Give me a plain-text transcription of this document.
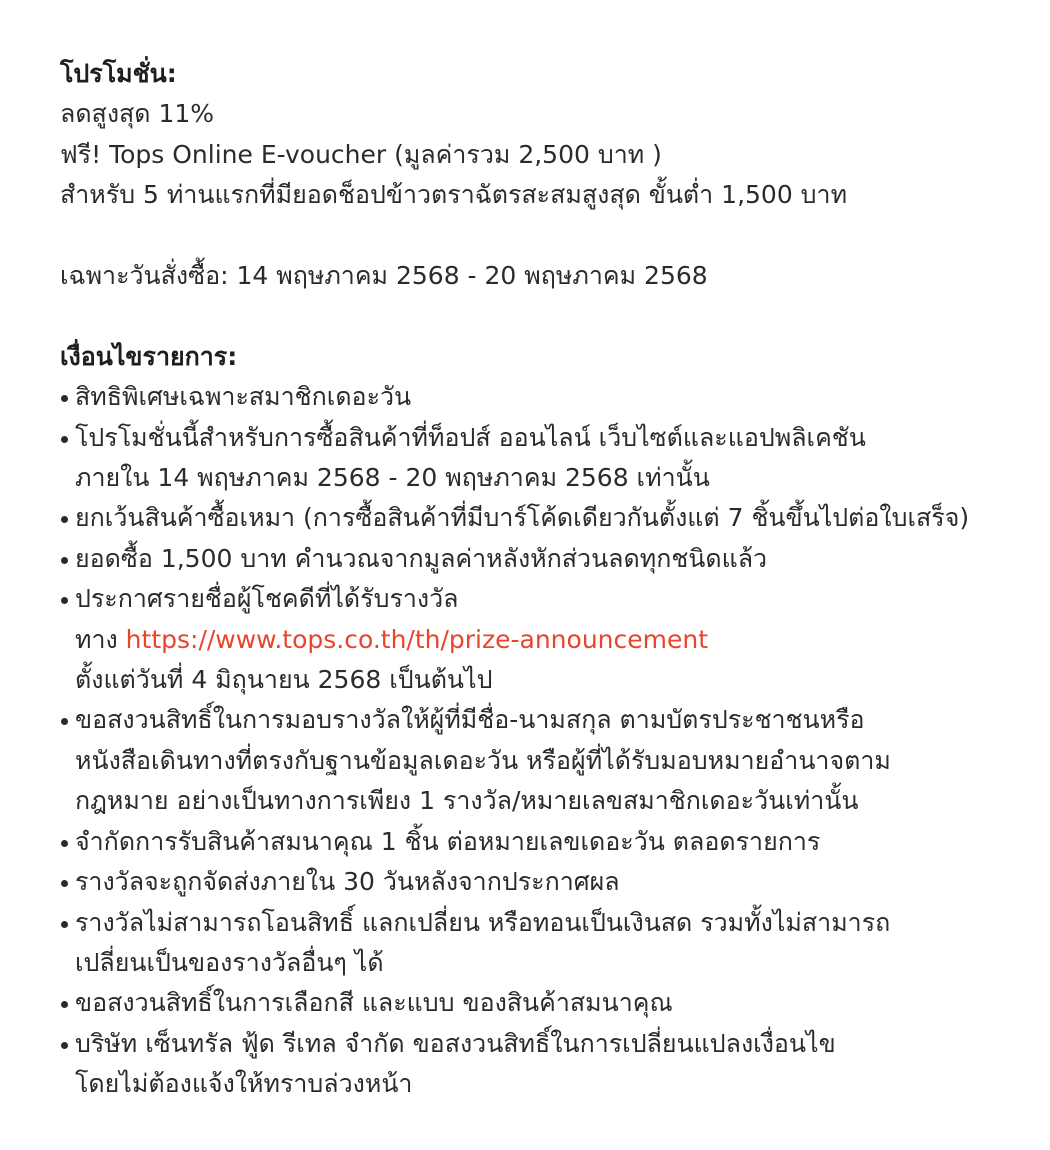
โปรโมชั่น:

ลดสูงสุด 11%

ฟรี! Tops Online E-voucher (มูลค่ารวม 2,500 บาท )

สำหรับ 5 ท่านแรกที่มียอดช็อปข้าวตราฉัตรสะสมสูงสุด ขั้นต่ำ 1,500 บาท

เฉพาะวันสั่งซื้อ: 14 พฤษภาคม 2568 - 20 พฤษภาคม 2568

เงื่อนไขรายการ:

สิทธิพิเศษเฉพาะสมาชิกเดอะวัน

โปรโมชั่นนี้สำหรับการซื้อสินค้าที่ท็อปส์ ออนไลน์ เว็บไซต์และแอปพลิเคชัน

ภายใน 14 พฤษภาคม 2568 - 20 พฤษภาคม 2568 เท่านั้น

ยกเว้นสินค้าซื้อเหมา (การซื้อสินค้าที่มีบาร์โค้ดเดียวกันตั้งแต่ 7 ชิ้นขึ้นไปต่อใบเสร็จ)

ยอดซื้อ 1,500 บาท คำนวณจากมูลค่าหลังหักส่วนลดทุกชนิดแล้ว

ประกาศรายชื่อผู้โชคดีที่ได้รับรางวัล

ทาง https://www.tops.co.th/th/prize-announcement

ตั้งแต่วันที่ 4 มิถุนายน 2568 เป็นต้นไป

ขอสงวนสิทธิ์ในการมอบรางวัลให้ผู้ที่มีชื่อ-นามสกุล ตามบัตรประชาชนหรือ

หนังสือเดินทางที่ตรงกับฐานข้อมูลเดอะวัน หรือผู้ที่ได้รับมอบหมายอำนาจตาม

กฎหมาย อย่างเป็นทางการเพียง 1 รางวัล/หมายเลขสมาชิกเดอะวันเท่านั้น

จำกัดการรับสินค้าสมนาคุณ 1 ชิ้น ต่อหมายเลขเดอะวัน ตลอดรายการ

รางวัลจะถูกจัดส่งภายใน 30 วันหลังจากประกาศผล

รางวัลไม่สามารถโอนสิทธิ์ แลกเปลี่ยน หรือทอนเป็นเงินสด รวมทั้งไม่สามารถ

เปลี่ยนเป็นของรางวัลอื่นๆ ได้

ขอสงวนสิทธิ์ในการเลือกสี และแบบ ของสินค้าสมนาคุณ

บริษัท เซ็นทรัล ฟู้ด รีเทล จำกัด ขอสงวนสิทธิ์ในการเปลี่ยนแปลงเงื่อนไข

โดยไม่ต้องแจ้งให้ทราบล่วงหน้า
